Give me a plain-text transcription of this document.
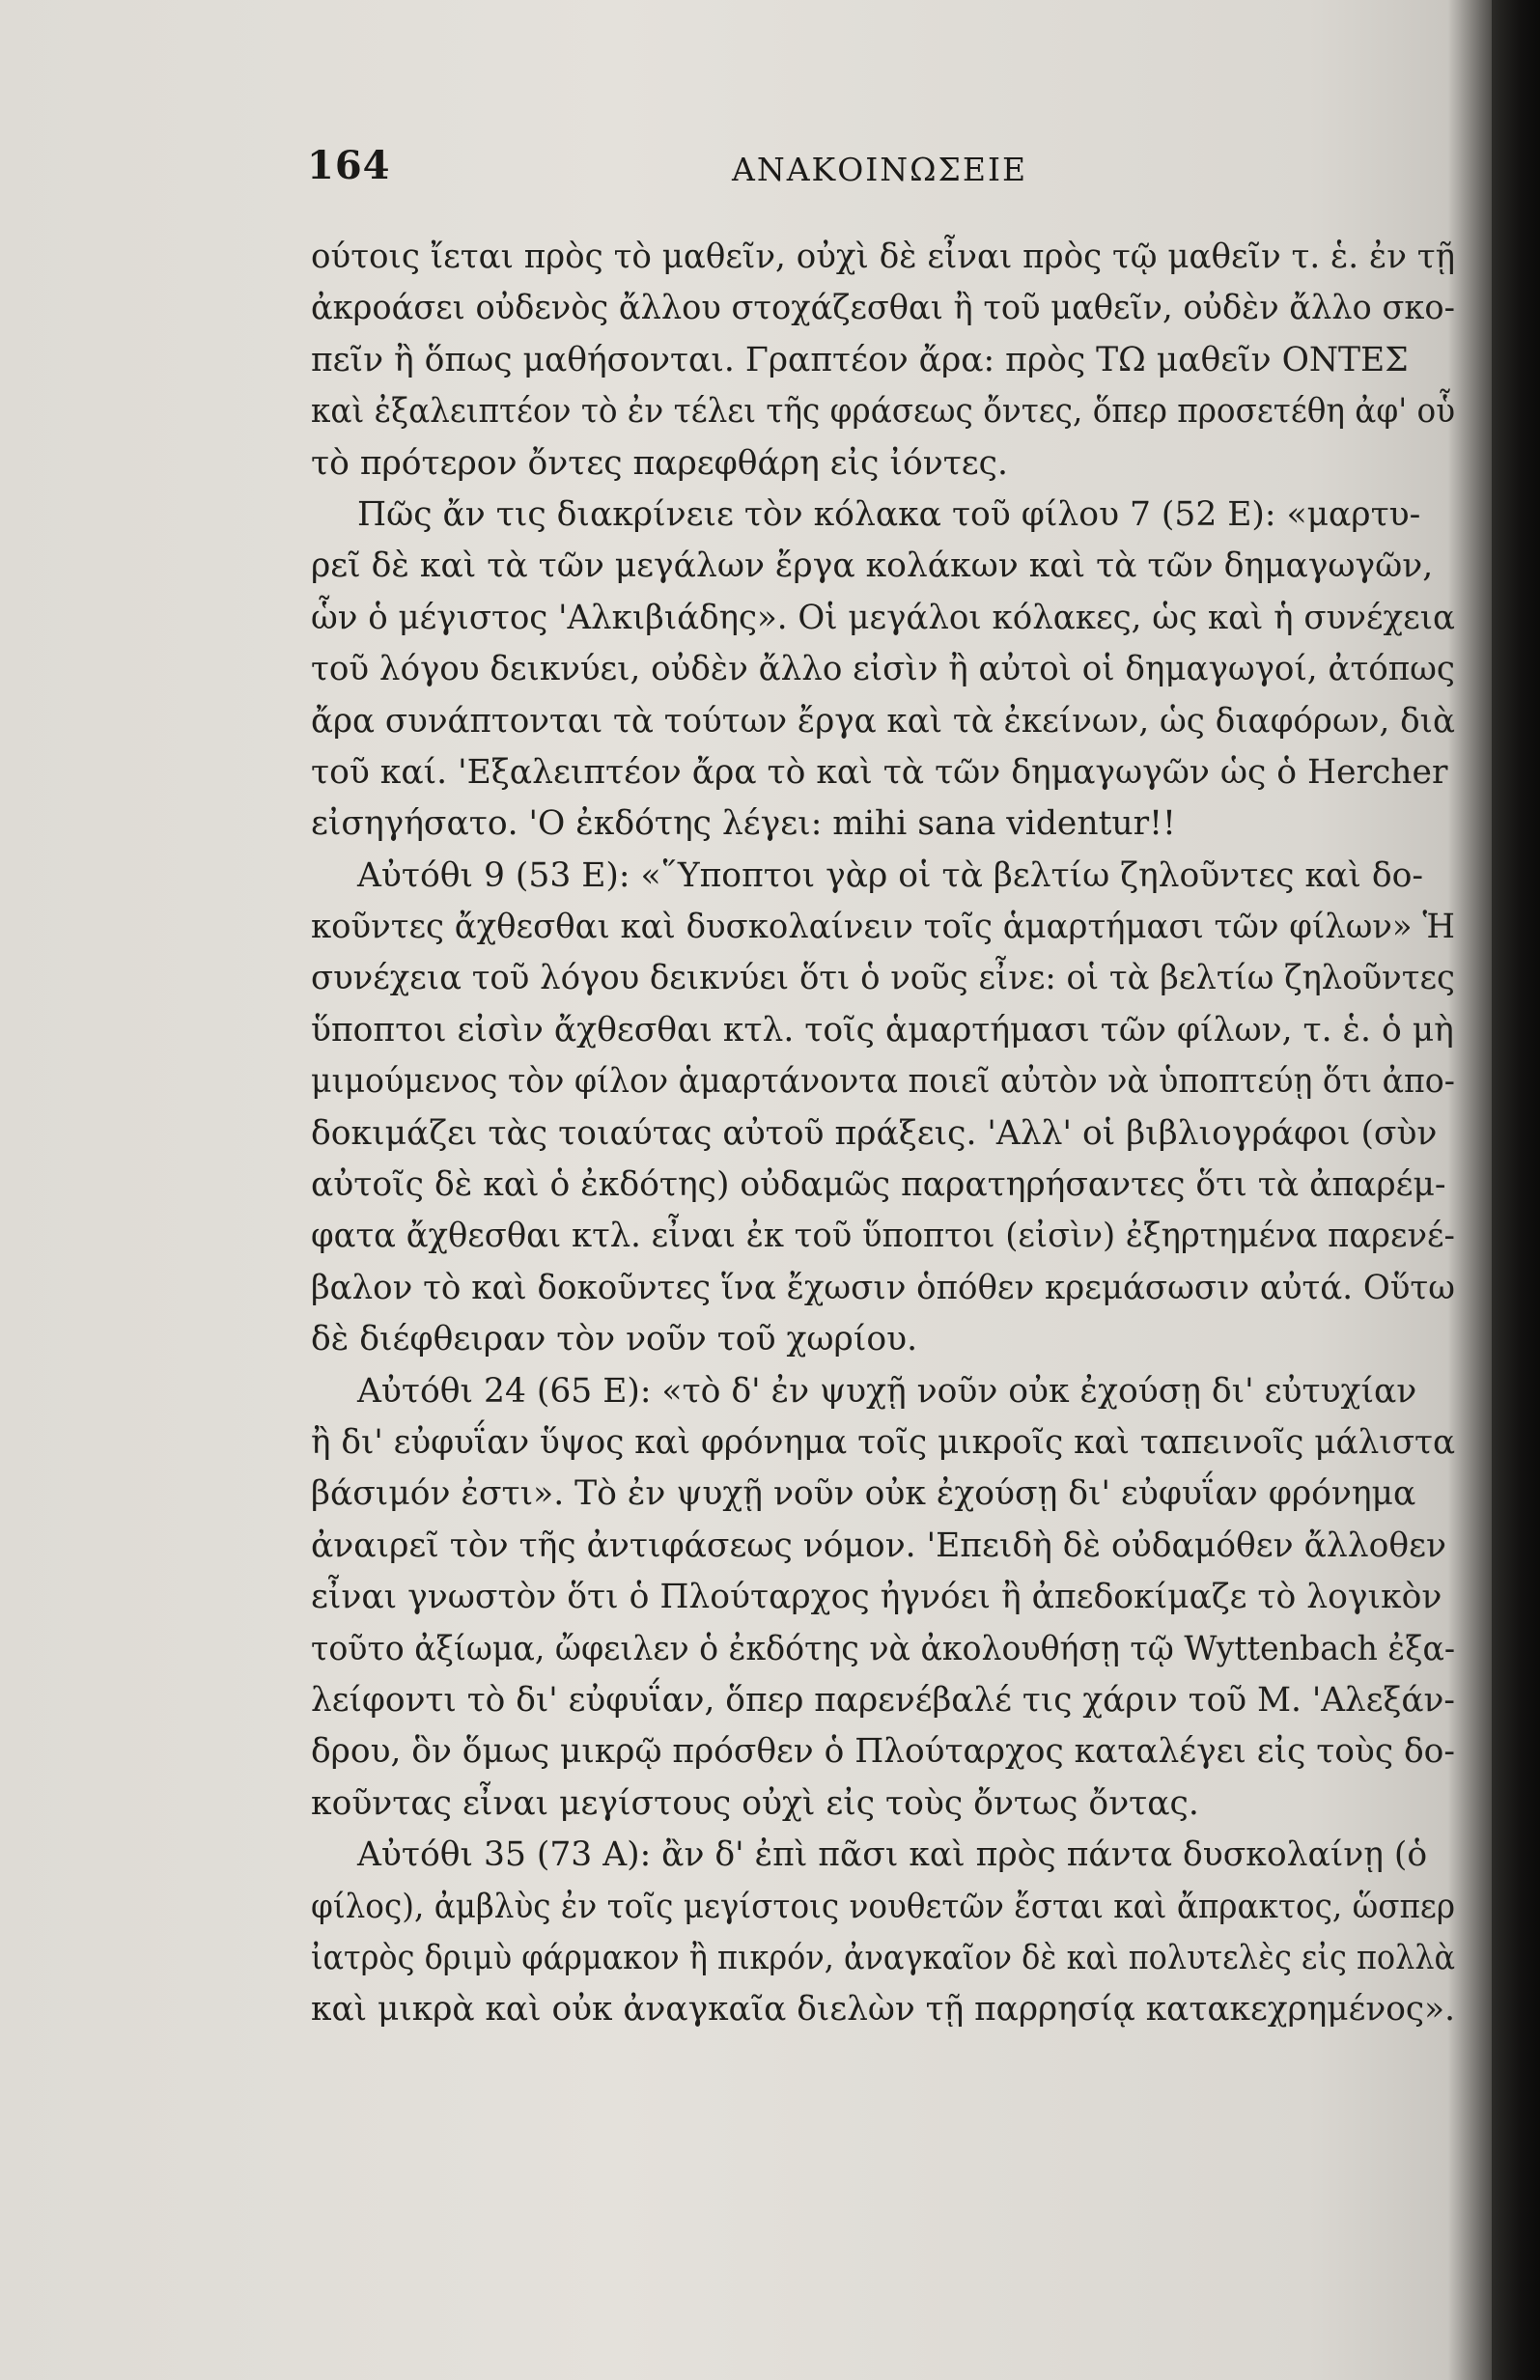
164	ΑΝΑΚΟΙΝΩΣΕΙΕ
ούτοις ἴεται πρὸς τὸ μαθεῖν, οὐχὶ δὲ εἶναι πρὸς τῷ μαθεῖν τ. ἑ. ἐν τῇ
ἀκροάσει οὐδενὸς ἄλλου στοχάζεσθαι ἢ τοῦ μαθεῖν, οὐδὲν ἄλλο σκο-
πεῖν ἢ ὅπως μαθήσονται. Γραπτέον ἄρα: πρὸς ΤΩ μαθεῖν ΟΝΤΕΣ
καὶ ἐξαλειπτέον τὸ ἐν τέλει τῆς φράσεως ὄντες, ὅπερ προσετέθη ἀφ' οὗ
τὸ πρότερον ὄντες παρεφθάρη εἰς ἰόντες.
Πῶς ἄν τις διακρίνειε τὸν κόλακα τοῦ φίλου 7 (52 E): «μαρτυ-
ρεῖ δὲ καὶ τὰ τῶν μεγάλων ἔργα κολάκων καὶ τὰ τῶν δημαγωγῶν,
ὧν ὁ μέγιστος 'Αλκιβιάδης». Οἱ μεγάλοι κόλακες, ὡς καὶ ἡ συνέχεια
τοῦ λόγου δεικνύει, οὐδὲν ἄλλο εἰσὶν ἢ αὐτοὶ οἱ δημαγωγοί, ἀτόπως
ἄρα συνάπτονται τὰ τούτων ἔργα καὶ τὰ ἐκείνων, ὡς διαφόρων, διὰ
τοῦ καί. 'Εξαλειπτέον ἄρα τὸ καὶ τὰ τῶν δημαγωγῶν ὡς ὁ Hercher
εἰσηγήσατο. 'Ο ἐκδότης λέγει: mihi sana videntur!!
Αὐτόθι 9 (53 E): «῞Υποπτοι γὰρ οἱ τὰ βελτίω ζηλοῦντες καὶ δο-
κοῦντες ἄχθεσθαι καὶ δυσκολαίνειν τοῖς ἁμαρτήμασι τῶν φίλων» Ἡ
συνέχεια τοῦ λόγου δεικνύει ὅτι ὁ νοῦς εἶνε: οἱ τὰ βελτίω ζηλοῦντες
ὕποπτοι εἰσὶν ἄχθεσθαι κτλ. τοῖς ἁμαρτήμασι τῶν φίλων, τ. ἑ. ὁ μὴ
μιμούμενος τὸν φίλον ἁμαρτάνοντα ποιεῖ αὐτὸν νὰ ὑποπτεύῃ ὅτι ἀπο-
δοκιμάζει τὰς τοιαύτας αὐτοῦ πράξεις. 'Αλλ' οἱ βιβλιογράφοι (σὺν
αὐτοῖς δὲ καὶ ὁ ἐκδότης) οὐδαμῶς παρατηρήσαντες ὅτι τὰ ἀπαρέμ-
φατα ἄχθεσθαι κτλ. εἶναι ἐκ τοῦ ὕποπτοι (εἰσὶν) ἐξηρτημένα παρενέ-
βαλον τὸ καὶ δοκοῦντες ἵνα ἔχωσιν ὁπόθεν κρεμάσωσιν αὐτά. Οὕτω
δὲ διέφθειραν τὸν νοῦν τοῦ χωρίου.
Αὐτόθι 24 (65 E): «τὸ δ' ἐν ψυχῇ νοῦν οὐκ ἐχούσῃ δι' εὐτυχίαν
ἢ δι' εὐφυΐαν ὕψος καὶ φρόνημα τοῖς μικροῖς καὶ ταπεινοῖς μάλιστα
βάσιμόν ἐστι». Τὸ ἐν ψυχῇ νοῦν οὐκ ἐχούσῃ δι' εὐφυΐαν φρόνημα
ἀναιρεῖ τὸν τῆς ἀντιφάσεως νόμον. 'Επειδὴ δὲ οὐδαμόθεν ἄλλοθεν
εἶναι γνωστὸν ὅτι ὁ Πλούταρχος ἠγνόει ἢ ἀπεδοκίμαζε τὸ λογικὸν
τοῦτο ἀξίωμα, ὤφειλεν ὁ ἐκδότης νὰ ἀκολουθήσῃ τῷ Wyttenbach ἐξα-
λείφοντι τὸ δι' εὐφυΐαν, ὅπερ παρενέβαλέ τις χάριν τοῦ Μ. 'Αλεξάν-
δρου, ὃν ὅμως μικρῷ πρόσθεν ὁ Πλούταρχος καταλέγει εἰς τοὺς δο-
κοῦντας εἶναι μεγίστους οὐχὶ εἰς τοὺς ὄντως ὄντας.
Αὐτόθι 35 (73 A): ἂν δ' ἐπὶ πᾶσι καὶ πρὸς πάντα δυσκολαίνῃ (ὁ
φίλος), ἀμβλὺς ἐν τοῖς μεγίστοις νουθετῶν ἔσται καὶ ἄπρακτος, ὥσπερ
ἰατρὸς δριμὺ φάρμακον ἢ πικρόν, ἀναγκαῖον δὲ καὶ πολυτελὲς εἰς πολλὰ
καὶ μικρὰ καὶ οὐκ ἀναγκαῖα διελὼν τῇ παρρησίᾳ κατακεχρημένος».
